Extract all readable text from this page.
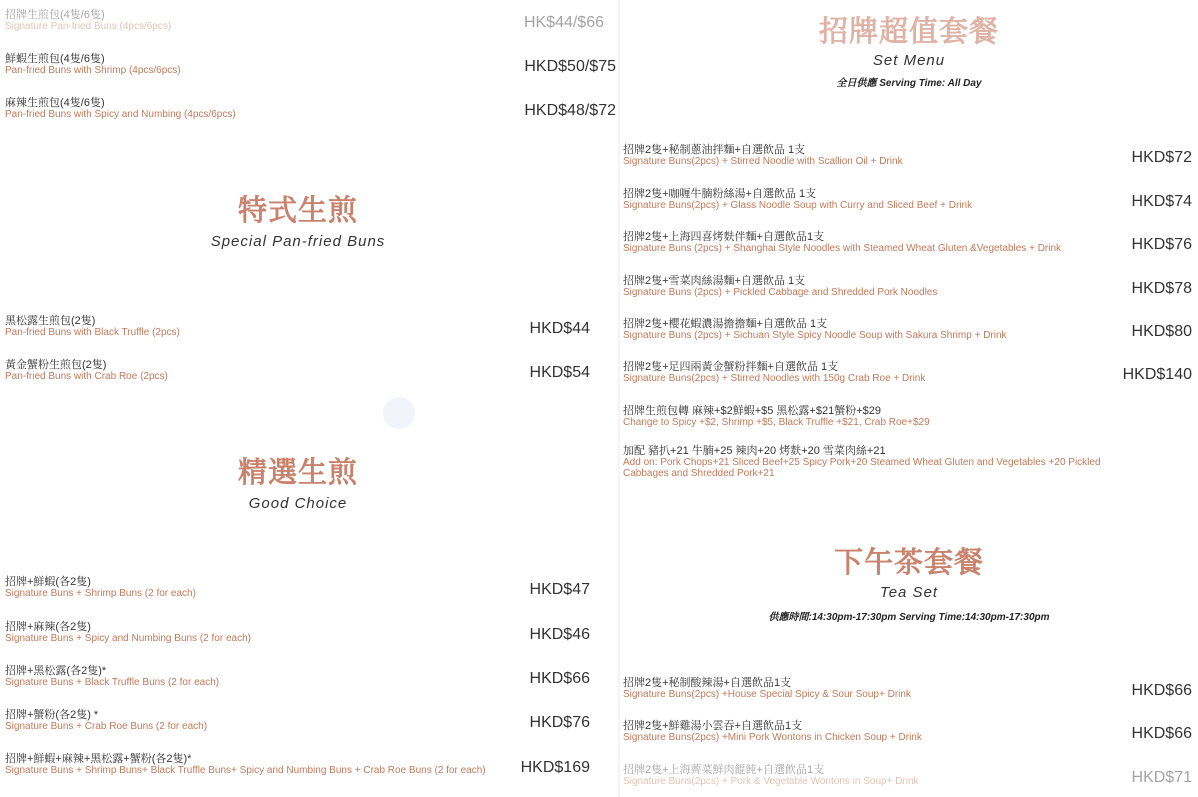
招牌生煎包(4隻/6隻)
Signature Pan-fried Buns (4pcs/6pcs)	HK$44/$66
鮮蝦生煎包(4隻/6隻)
Pan-fried Buns with Shrimp (4pcs/6pcs)	HKD$50/$75
麻辣生煎包(4隻/6隻)
Pan-fried Buns with Spicy and Numbing (4pcs/6pcs)	HKD$48/$72
特式生煎
Special Pan-fried Buns
黑松露生煎包(2隻)
Pan-fried Buns with Black Truffle (2pcs)	HKD$44
黃金蟹粉生煎包(2隻)
Pan-fried Buns with Crab Roe (2pcs)	HKD$54
精選生煎
Good Choice
招牌+鮮蝦(各2隻)
Signature Buns + Shrimp Buns (2 for each)	HKD$47
招牌+麻辣(各2隻)
Signature Buns + Spicy and Numbing Buns (2 for each)	HKD$46
招牌+黑松露(各2隻)*
Signature Buns + Black Truffle Buns (2 for each)	HKD$66
招牌+蟹粉(各2隻) *
Signature Buns + Crab Roe Buns (2 for each)	HKD$76
招牌+鮮蝦+麻辣+黑松露+蟹粉(各2隻)*
Signature Buns + Shrimp Buns+ Black Truffle Buns+ Spicy and Numbing Buns + Crab Roe Buns (2 for each)	HKD$169
招牌超值套餐
Set Menu
全日供應 Serving Time: All Day
招牌2隻+秘制蔥油拌麵+自選飲品 1支
Signature Buns(2pcs) + Stirred Noodle with Scallion Oil + Drink	HKD$72
招牌2隻+咖喱牛腩粉絲湯+自選飲品 1支
Signature Buns(2pcs) + Glass Noodle Soup with Curry and Sliced Beef + Drink	HKD$74
招牌2隻+上海四喜烤麩伴麵+自選飲品1支
Signature Buns (2pcs) + Shanghai Style Noodles with Steamed Wheat Gluten &Vegetables + Drink	HKD$76
招牌2隻+雪菜肉絲湯麵+自選飲品 1支
Signature Buns (2pcs) + Pickled Cabbage and Shredded Pork Noodles	HKD$78
招牌2隻+櫻花蝦濃湯擔擔麵+自選飲品 1支
Signature Buns (2pcs) + Sichuan Style Spicy Noodle Soup with Sakura Shrimp + Drink	HKD$80
招牌2隻+足四兩黃金蟹粉拌麵+自選飲品 1支
Signature Buns(2pcs) + Stirred Noodles with 150g Crab Roe + Drink	HKD$140
招牌生煎包轉 麻辣+$2鮮蝦+$5 黑松露+$21蟹粉+$29
Change to Spicy +$2, Shrimp +$5, Black Truffle +$21, Crab Roe+$29
加配 豬扒+21 牛腩+25 辣肉+20 烤麩+20 雪菜肉絲+21
Add on: Pork Chops+21 Sliced Beef+25 Spicy Pork+20 Steamed Wheat Gluten and Vegetables +20 Pickled Cabbages and Shredded Pork+21
下午茶套餐
Tea Set
供應時間:14:30pm-17:30pm Serving Time:14:30pm-17:30pm
招牌2隻+秘制酸辣湯+自選飲品1支
Signature Buns(2pcs) +House Special Spicy & Sour Soup+ Drink	HKD$66
招牌2隻+鮮雞湯小雲吞+自選飲品1支
Signature Buns(2pcs) +Mini Pork Wontons in Chicken Soup + Drink	HKD$66
招牌2隻+上海薺菜鮮肉餛飩+自選飲品1支
Signature Buns(2pcs) + Pork & Vegetable Wontons in Soup+ Drink	HKD$71
